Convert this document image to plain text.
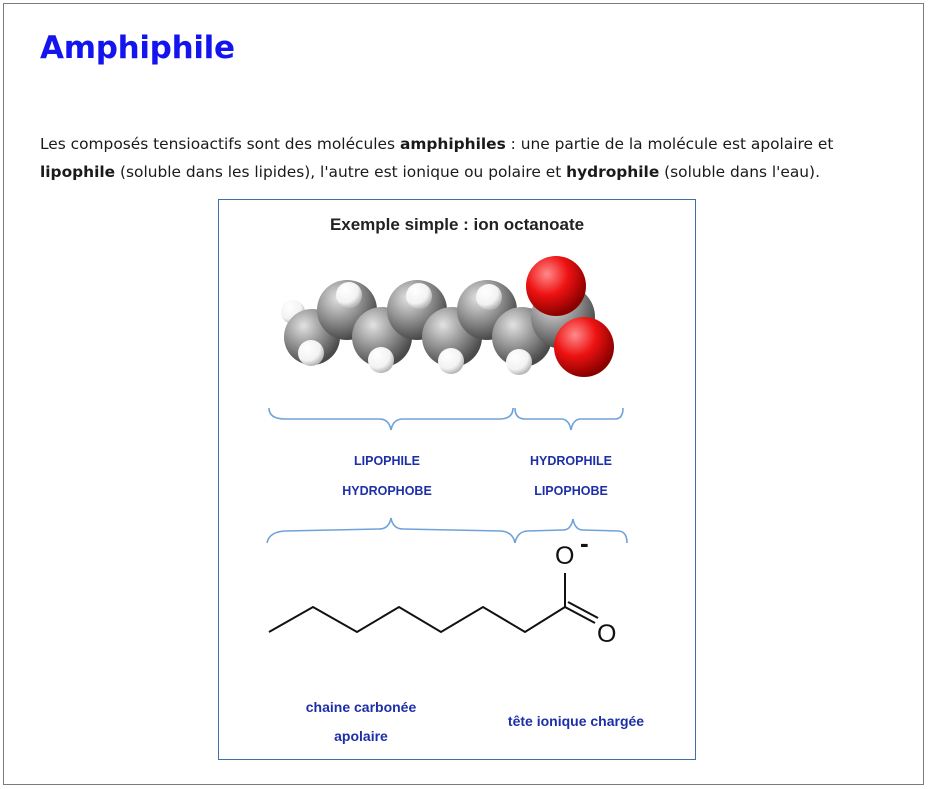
Amphiphile

Les composés tensioactifs sont des molécules amphiphiles : une partie de la molécule est apolaire et lipophile (soluble dans les lipides), l'autre est ionique ou polaire et hydrophile (soluble dans l'eau).

Exemple simple : ion octanoate
LIPOPHILE
HYDROPHOBE
HYDROPHILE
LIPOPHOBE
O -
O
chaine carbonée
apolaire
tête ionique chargée
